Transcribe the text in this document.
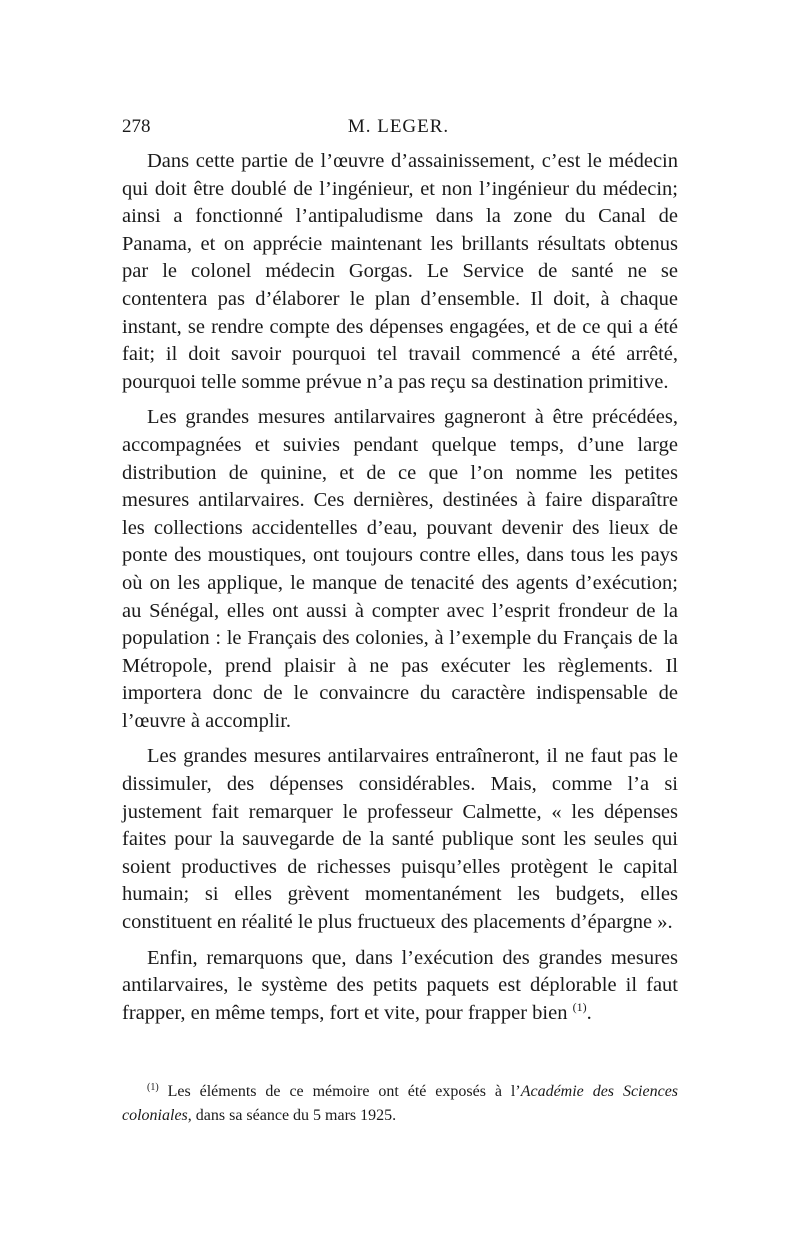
278	M. LEGER.

Dans cette partie de l’œuvre d’assainissement, c’est le médecin qui doit être doublé de l’ingénieur, et non l’ingénieur du médecin; ainsi a fonctionné l’antipaludisme dans la zone du Canal de Panama, et on apprécie maintenant les brillants résultats obtenus par le colonel médecin Gorgas. Le Service de santé ne se contentera pas d’élaborer le plan d’ensemble. Il doit, à chaque instant, se rendre compte des dépenses engagées, et de ce qui a été fait; il doit savoir pourquoi tel travail commencé a été arrêté, pourquoi telle somme prévue n’a pas reçu sa destination primitive.

Les grandes mesures antilarvaires gagneront à être précédées, accompagnées et suivies pendant quelque temps, d’une large distribution de quinine, et de ce que l’on nomme les petites mesures antilarvaires. Ces dernières, destinées à faire disparaître les collections accidentelles d’eau, pouvant devenir des lieux de ponte des moustiques, ont toujours contre elles, dans tous les pays où on les applique, le manque de tenacité des agents d’exécution; au Sénégal, elles ont aussi à compter avec l’esprit frondeur de la population : le Français des colonies, à l’exemple du Français de la Métropole, prend plaisir à ne pas exécuter les règlements. Il importera donc de le convaincre du caractère indispensable de l’œuvre à accomplir.

Les grandes mesures antilarvaires entraîneront, il ne faut pas le dissimuler, des dépenses considérables. Mais, comme l’a si justement fait remarquer le professeur Calmette, « les dépenses faites pour la sauvegarde de la santé publique sont les seules qui soient productives de richesses puisqu’elles protègent le capital humain; si elles grèvent momentanément les budgets, elles constituent en réalité le plus fructueux des placements d’épargne ».

Enfin, remarquons que, dans l’exécution des grandes mesures antilarvaires, le système des petits paquets est déplorable il faut frapper, en même temps, fort et vite, pour frapper bien $^{(1)}$.

$^{(1)}$ Les éléments de ce mémoire ont été exposés à l’Académie des Sciences coloniales, dans sa séance du 5 mars 1925.
